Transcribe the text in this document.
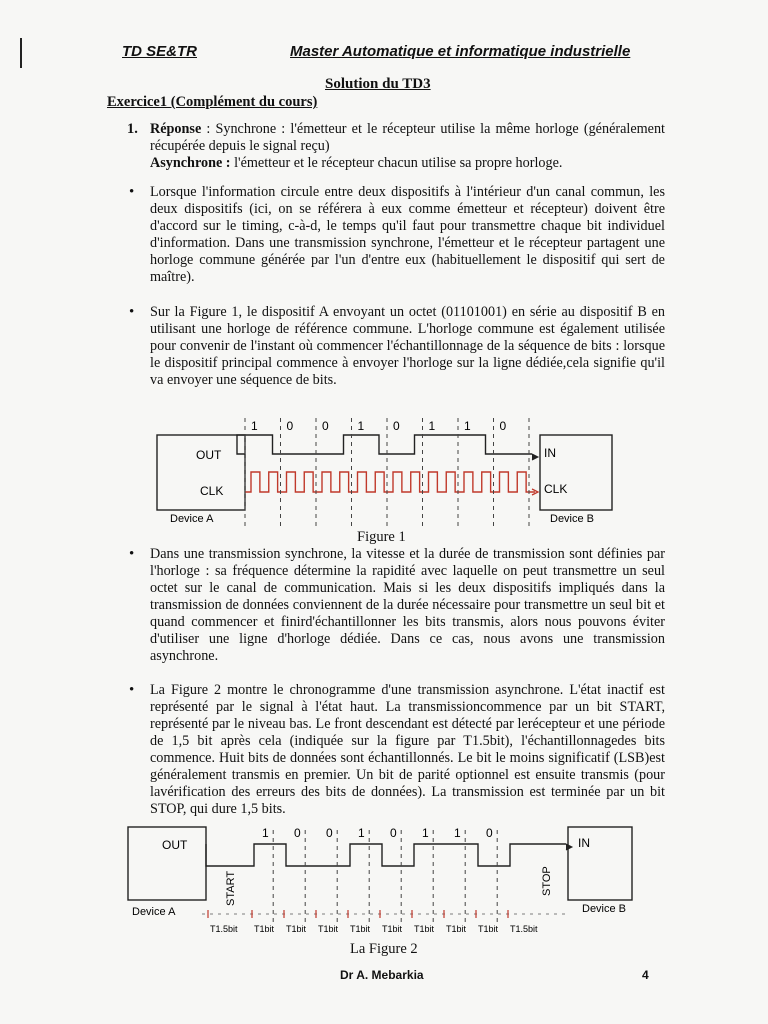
TD SE&TR	Master Automatique et informatique industrielle
Solution du TD3
Exercice1 (Complément du cours)
1. Réponse : Synchrone : l'émetteur et le récepteur utilise la même horloge (généralement récupérée depuis le signal reçu)
Asynchrone : l'émetteur et le récepteur chacun utilise sa propre horloge.
• Lorsque l'information circule entre deux dispositifs à l'intérieur d'un canal commun, les deux dispositifs (ici, on se référera à eux comme émetteur et récepteur) doivent être d'accord sur le timing, c-à-d, le temps qu'il faut pour transmettre chaque bit individuel d'information. Dans une transmission synchrone, l'émetteur et le récepteur partagent une horloge commune générée par l'un d'entre eux (habituellement le dispositif qui sert de maître).
• Sur la Figure 1, le dispositif A envoyant un octet (01101001) en série au dispositif B en utilisant une horloge de référence commune. L'horloge commune est également utilisée pour convenir de l'instant où commencer l'échantillonnage de la séquence de bits : lorsque le dispositif principal commence à envoyer l'horloge sur la ligne dédiée,cela signifie qu'il va envoyer une séquence de bits.
OUT
CLK
IN
CLK
Device A	Device B
1 0 0 1 0 1 1 0
Figure 1
• Dans une transmission synchrone, la vitesse et la durée de transmission sont définies par l'horloge : sa fréquence détermine la rapidité avec laquelle on peut transmettre un seul octet sur le canal de communication. Mais si les deux dispositifs impliqués dans la transmission de données conviennent de la durée nécessaire pour transmettre un seul bit et quand commencer et finird'échantillonner les bits transmis, alors nous pouvons éviter d'utiliser une ligne d'horloge dédiée. Dans ce cas, nous avons une transmission asynchrone.
• La Figure 2 montre le chronogramme d'une transmission asynchrone. L'état inactif est représenté par le signal à l'état haut. La transmissioncommence par un bit START, représenté par le niveau bas. Le front descendant est détecté par lerécepteur et une période de 1,5 bit après cela (indiquée sur la figure par T1.5bit), l'échantillonnagedes bits commence. Huit bits de données sont échantillonnés. Le bit le moins significatif (LSB)est généralement transmis en premier. Un bit de parité optionnel est ensuite transmis (pour lavérification des erreurs des bits de données). La transmission est terminée par un bit STOP, qui dure 1,5 bits.
OUT	IN
Device A	Device B
START	STOP
1 0 0 1 0 1 1 0
T1.5bit T1bit T1bit T1bit T1bit T1bit T1bit T1bit T1bit T1.5bit
La Figure 2
Dr A. Mebarkia	4
